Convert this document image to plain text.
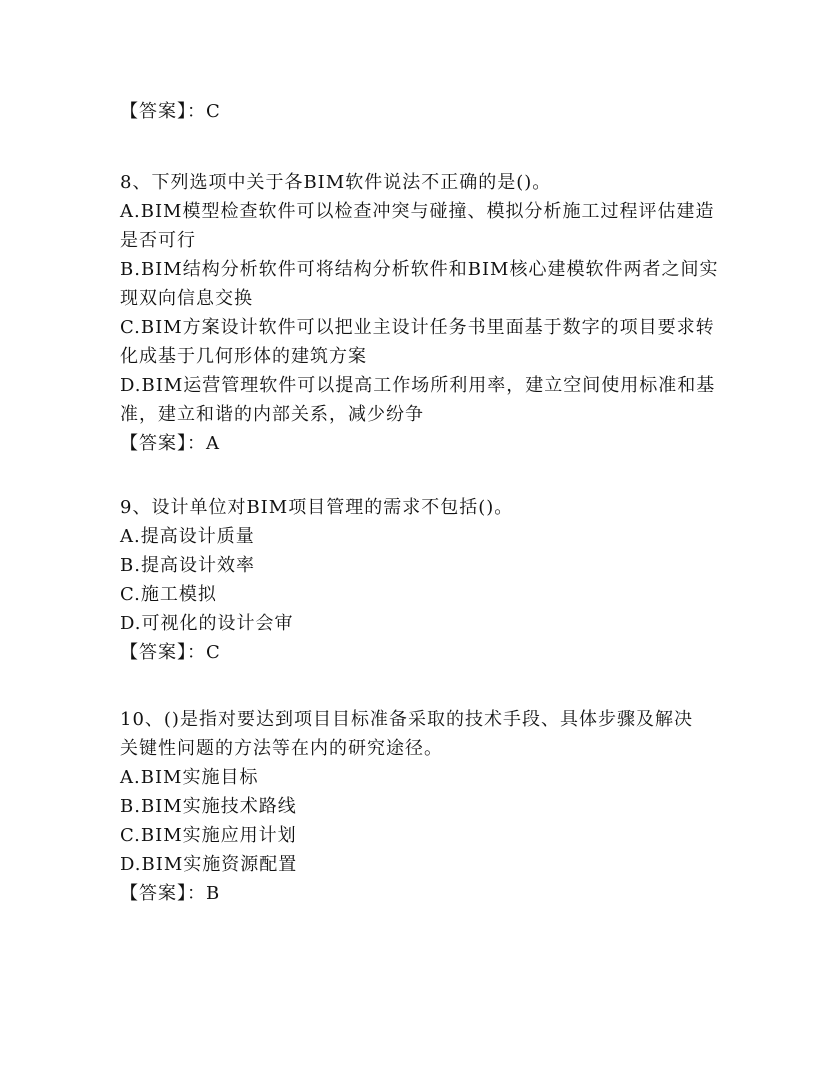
【答案】：C
8、下列选项中关于各BIM软件说法不正确的是()。
A.BIM模型检查软件可以检查冲突与碰撞、模拟分析施工过程评估建造
是否可行
B.BIM结构分析软件可将结构分析软件和BIM核心建模软件两者之间实
现双向信息交换
C.BIM方案设计软件可以把业主设计任务书里面基于数字的项目要求转
化成基于几何形体的建筑方案
D.BIM运营管理软件可以提高工作场所利用率，建立空间使用标准和基
准，建立和谐的内部关系，减少纷争
【答案】：A
9、设计单位对BIM项目管理的需求不包括()。
A.提高设计质量
B.提高设计效率
C.施工模拟
D.可视化的设计会审
【答案】：C
10、()是指对要达到项目目标准备采取的技术手段、具体步骤及解决
关键性问题的方法等在内的研究途径。
A.BIM实施目标
B.BIM实施技术路线
C.BIM实施应用计划
D.BIM实施资源配置
【答案】：B
